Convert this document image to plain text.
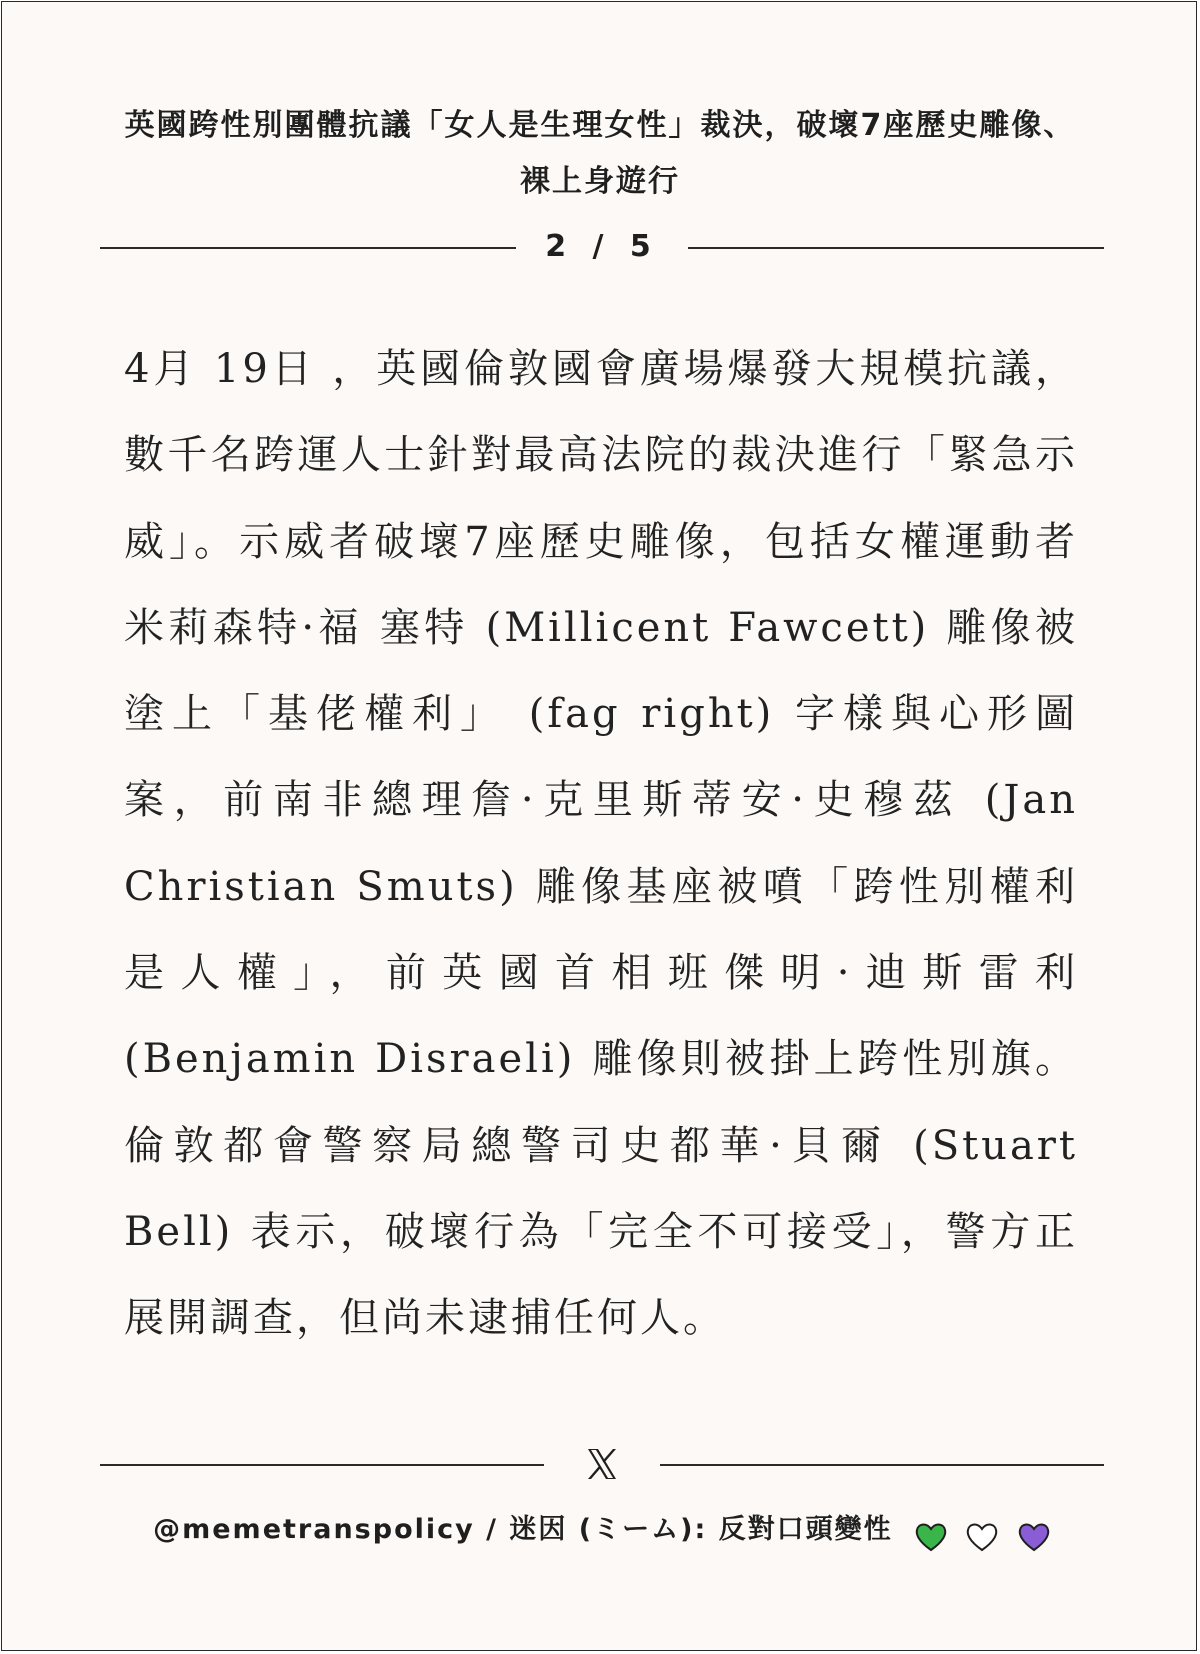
英國跨性別團體抗議「女人是生理女性」裁決，破壞7座歷史雕像、裸上身遊行
2 / 5
4月 19日 ，英國倫敦國會廣場爆發大規模抗議，數千名跨運人士針對最高法院的裁決進行「緊急示威」。示威者破壞7座歷史雕像，包括女權運動者米莉森特·福 塞特 (Millicent Fawcett) 雕像被塗上「基佬權利」 (fag right) 字樣與心形圖案，前南非總理詹·克里斯蒂安·史穆茲 (Jan Christian Smuts) 雕像基座被噴「跨性別權利是人權」，前英國首相班傑明·迪斯雷利 (Benjamin Disraeli) 雕像則被掛上跨性別旗。倫敦都會警察局總警司史都華·貝爾 (Stuart Bell) 表示，破壞行為「完全不可接受」，警方正展開調查，但尚未逮捕任何人。
@memetranspolicy / 迷因 (ミーム): 反對口頭變性
